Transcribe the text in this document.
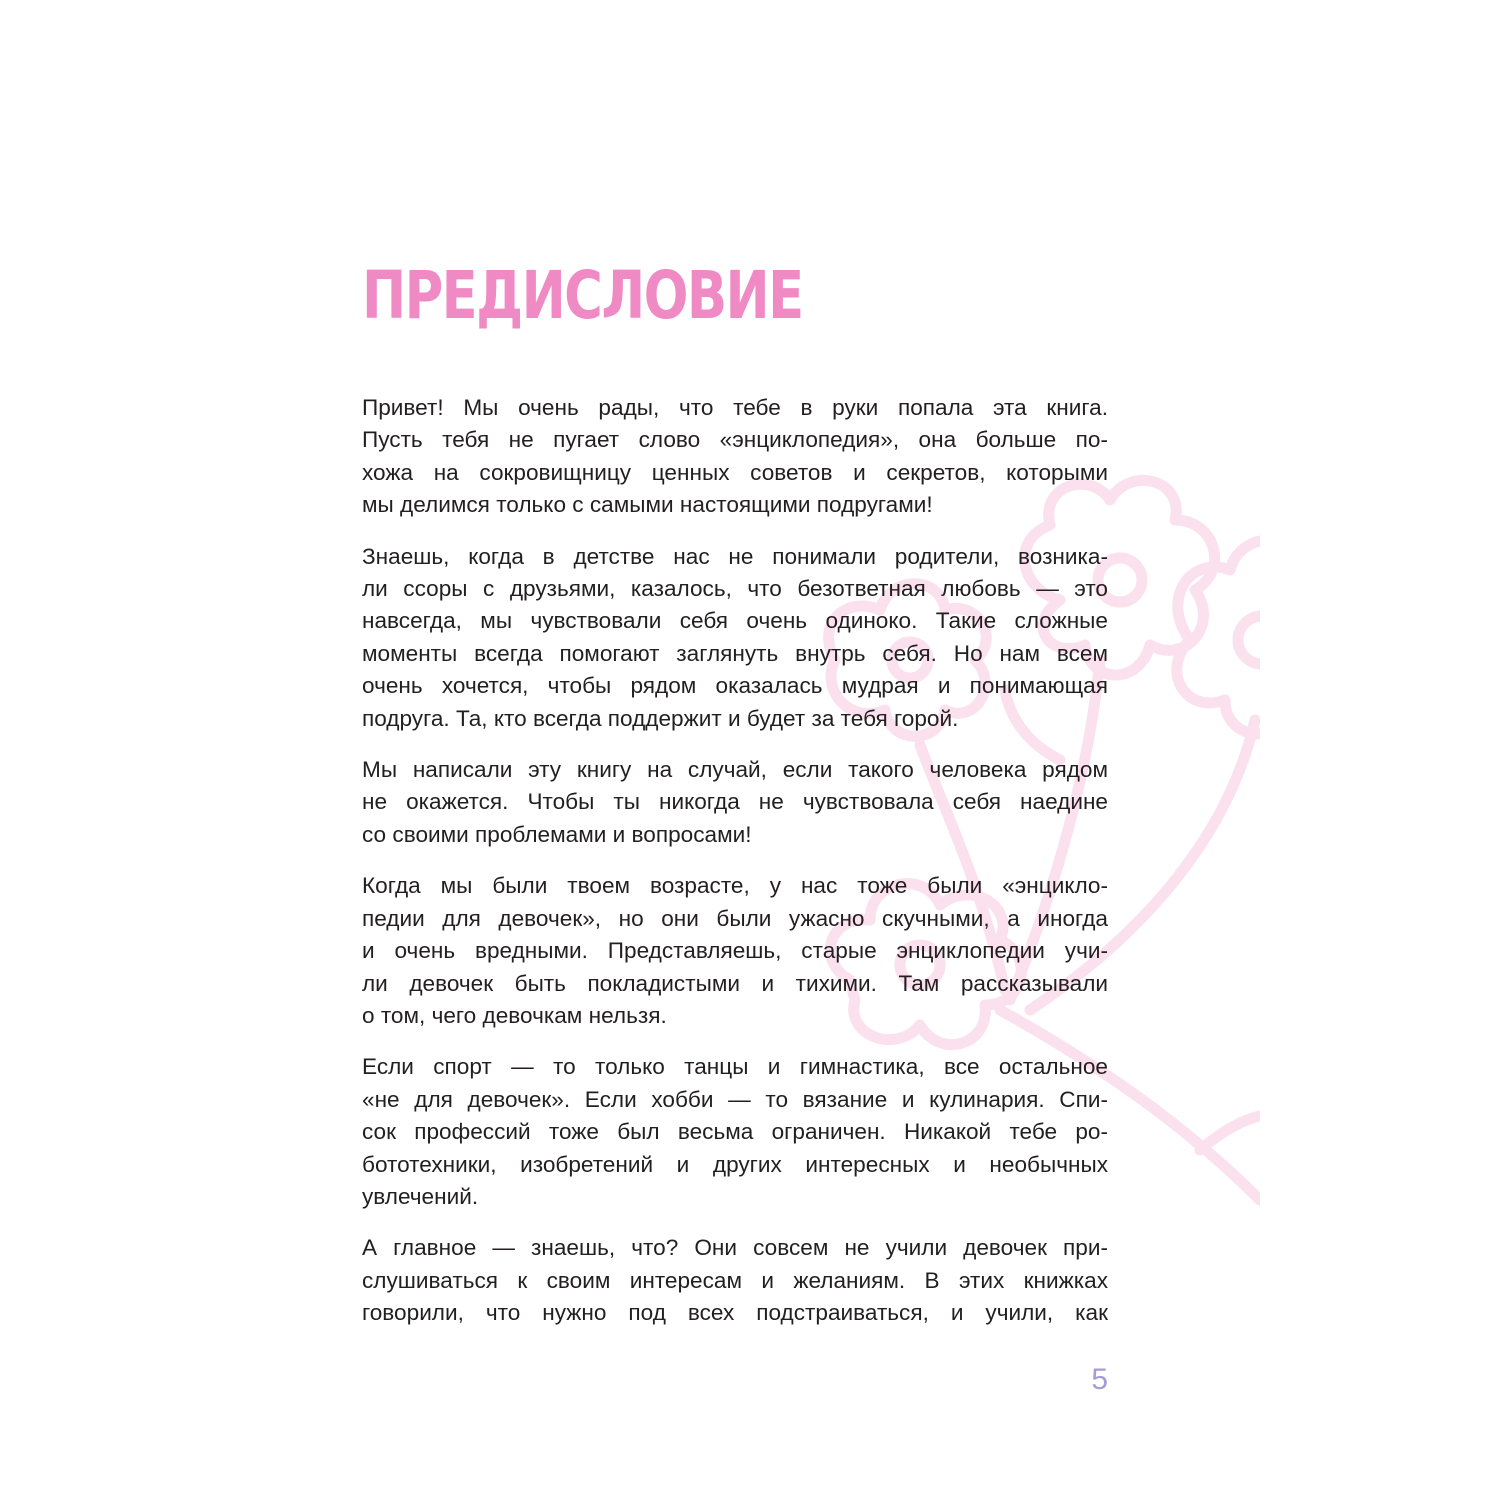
ПРЕДИСЛОВИЕ

Привет! Мы очень рады, что тебе в руки попала эта книга.
Пусть тебя не пугает слово «энциклопедия», она больше по-
хожа на сокровищницу ценных советов и секретов, которыми
мы делимся только с самыми настоящими подругами!

Знаешь, когда в детстве нас не понимали родители, возника-
ли ссоры с друзьями, казалось, что безответная любовь — это
навсегда, мы чувствовали себя очень одиноко. Такие сложные
моменты всегда помогают заглянуть внутрь себя. Но нам всем
очень хочется, чтобы рядом оказалась мудрая и понимающая
подруга. Та, кто всегда поддержит и будет за тебя горой.

Мы написали эту книгу на случай, если такого человека рядом
не окажется. Чтобы ты никогда не чувствовала себя наедине
со своими проблемами и вопросами!

Когда мы были твоем возрасте, у нас тоже были «энцикло-
педии для девочек», но они были ужасно скучными, а иногда
и очень вредными. Представляешь, старые энциклопедии учи-
ли девочек быть покладистыми и тихими. Там рассказывали
о том, чего девочкам нельзя.

Если спорт — то только танцы и гимнастика, все остальное
«не для девочек». Если хобби — то вязание и кулинария. Спи-
сок профессий тоже был весьма ограничен. Никакой тебе ро-
бототехники, изобретений и других интересных и необычных
увлечений.

А главное — знаешь, что? Они совсем не учили девочек при-
слушиваться к своим интересам и желаниям. В этих книжках
говорили, что нужно под всех подстраиваться, и учили, как

5
